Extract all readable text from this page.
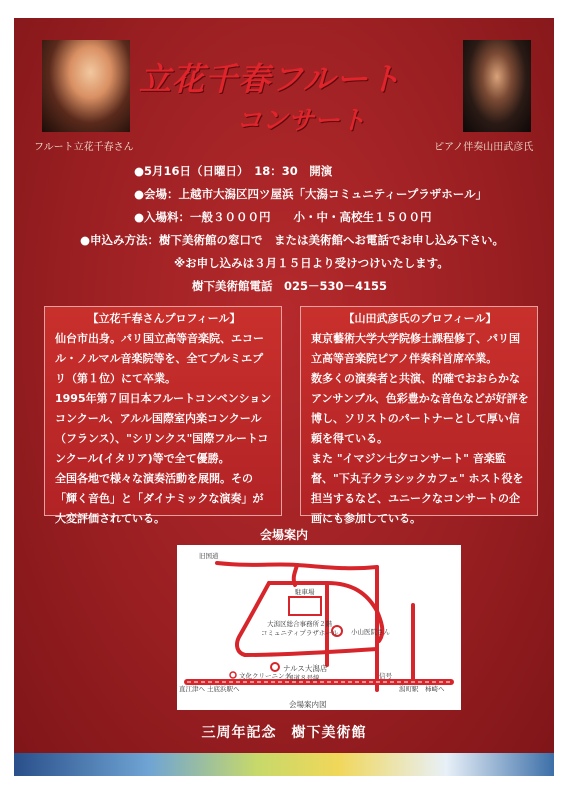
立花千春フルート
コンサート
フルート立花千春さん	ピアノ伴奏山田武彦氏
●5月16日（日曜日）　18：30　開演
●会場：上越市大潟区四ツ屋浜「大潟コミュニティープラザホール」
●入場料：一般３０００円　　小・中・高校生１５００円
●申込み方法：樹下美術館の窓口で　または美術館へお電話でお申し込み下さい。
※お申し込みは３月１５日より受けつけいたします。
樹下美術館電話　025－530－4155
【立花千春さんプロフィール】
仙台市出身。パリ国立高等音楽院、エコール・ノルマル音楽院等を、全てプルミエプリ（第１位）にて卒業。
1995年第７回日本フルートコンベンションコンクール、アルル国際室内楽コンクール（フランス）、"シリンクス"国際フルートコンクール(イタリア)等で全て優勝。
全国各地で様々な演奏活動を展開。その「輝く音色」と「ダイナミックな演奏」が大変評価されている。
【山田武彦氏のプロフィール】
東京藝術大学大学院修士課程修了、パリ国立高等音楽院ピアノ伴奏科首席卒業。
数多くの演奏者と共演、的確でおおらかなアンサンブル、色彩豊かな音色などが好評を博し、ソリストのパートナーとして厚い信頼を得ている。
また "イマジン七夕コンサート" 音楽監督、"下丸子クラシックカフェ" ホスト役を担当するなど、ユニークなコンサートの企画にも参加している。
会場案内
旧国道
駐車場
大潟区総合事務所２階
コミュニティプラザホール 小山医院さん
ナルス大潟店
文化クリーニング
直江津へ 土底浜駅へ
国道８号線	信号
潟町駅 柿崎へ
会場案内図
三周年記念　樹下美術館
